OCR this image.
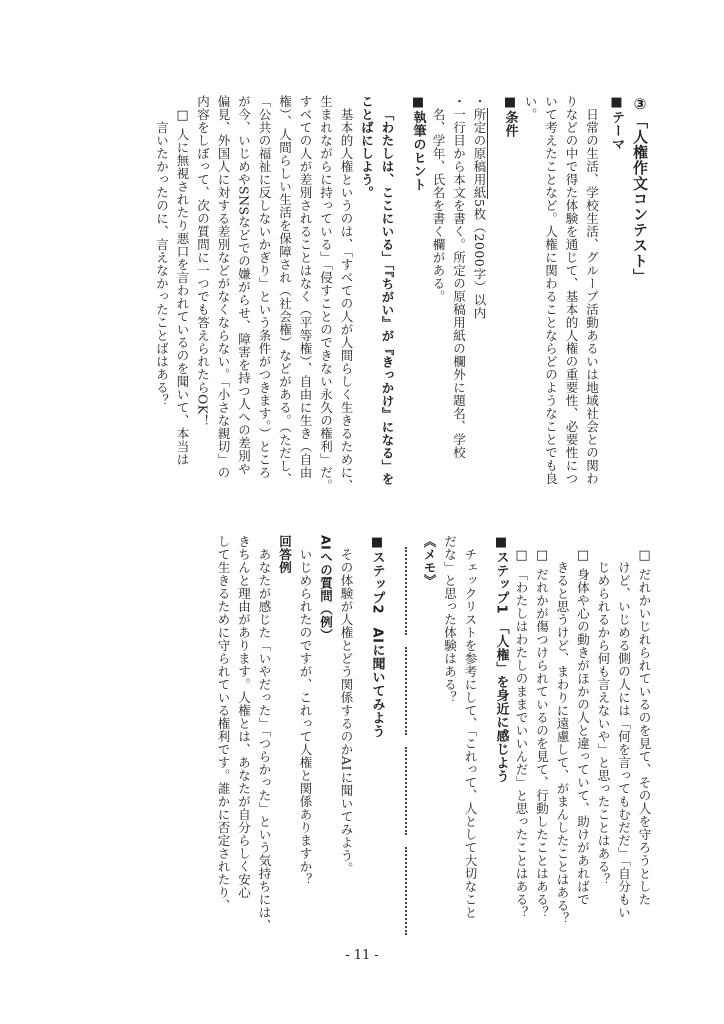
③「人権作文コンテスト」
■テーマ
日常の生活、学校生活、グループ活動あるいは地域社会との関わ
りなどの中で得た体験を通じて、基本的人権の重要性、必要性につ
いて考えたことなど。人権に関わることならどのようなことでも良
い。
■条件
・所定の原稿用紙5枚（2000字）以内
・一行目から本文を書く。所定の原稿用紙の欄外に題名、学校
名、学年、氏名を書く欄がある。
■執筆のヒント
「わたしは、ここにいる」「『ちがい』が『きっかけ』になる」を
ことばにしよう。
基本的人権というのは、「すべての人が人間らしく生きるために、
生まれながらに持っている」「侵すことのできない永久の権利」だ。
すべての人が差別されることはなく（平等権）、自由に生き（自由
権）、人間らしい生活を保障され（社会権）などがある。（ただし、
「公共の福祉に反しないかぎり」という条件がつきます。）ところ
が今、いじめやSNSなどでの嫌がらせ、障害を持つ人への差別や
偏見、外国人に対する差別などがなくならない。「小さな親切」の
内容をしぼって、次の質問に一つでも答えられたらOK！
□ 人に無視されたり悪口を言われているのを聞いて、本当は
言いたかったのに、言えなかったことばはある？
□ だれかいじれられているのを見て、その人を守ろうとした
けど、いじめる側の人には「何を言ってもむだだ」「自分もい
じめられるから何も言えないや」と思ったことはある？
□ 身体や心の動きがほかの人と違っていて、助けがあればで
きると思うけど、まわりに遠慮して、がまんしたことはある？
□ だれかが傷つけられているのを見て、行動したことはある？
□ 「わたしはわたしのままでいいんだ」と思ったことはある？
■ステップ1　「人権」を身近に感じよう
チェックリストを参考にして、「これって、人として大切なこと
だな」と思った体験はある？
《メモ》
■ステップ2　AIに聞いてみよう
その体験が人権とどう関係するのかAIに聞いてみよう。
AIへの質問（例）
いじめられたのですが、これって人権と関係ありますか？
回答例
あなたが感じた「いやだった」「つらかった」という気持ちには、
きちんと理由があります。人権とは、あなたが自分らしく安心
して生きるために守られている権利です。誰かに否定されたり、
- 11 -
